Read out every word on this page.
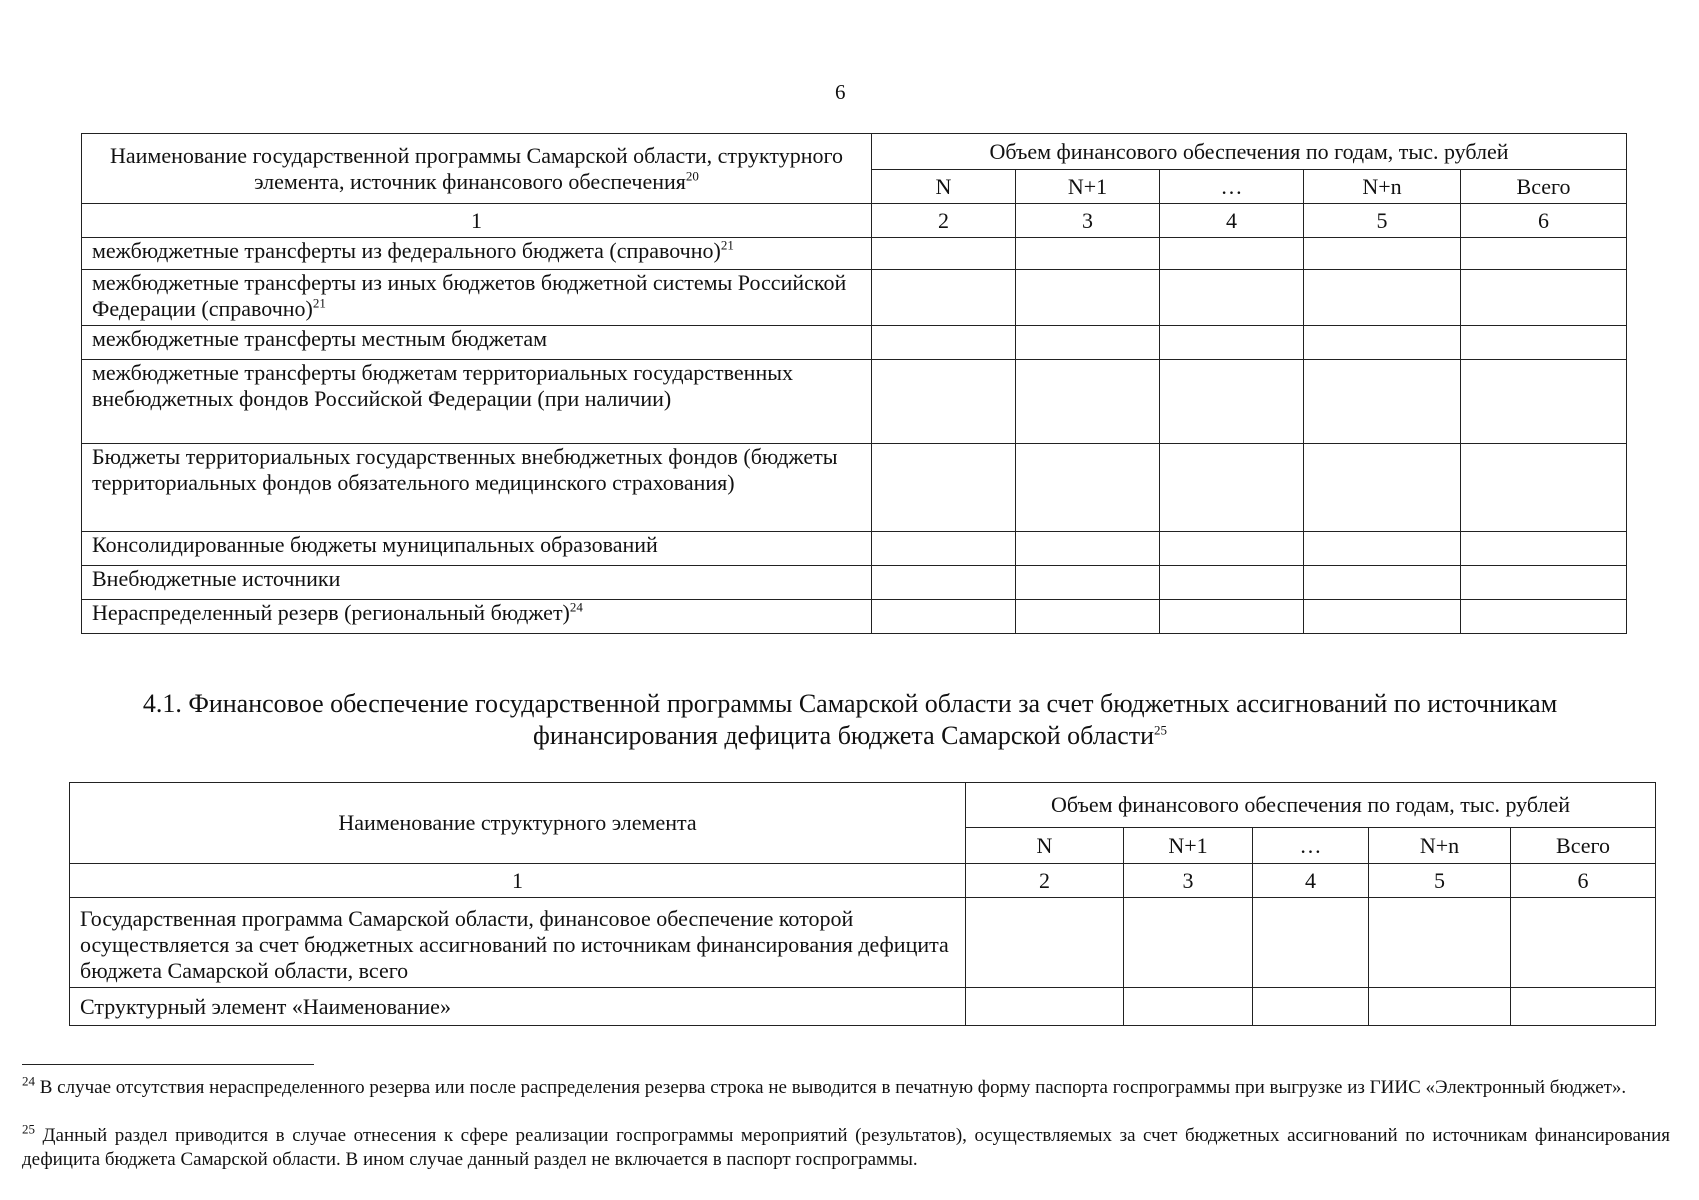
6
Наименование государственной программы Самарской области, структурного элемента, источник финансового обеспечения$^{20}$	Объем финансового обеспечения по годам, тыс. рублей				
	N	N+1	…	N+n	Всего
1	2	3	4	5	6
межбюджетные трансферты из федерального бюджета (справочно)$^{21}$					
межбюджетные трансферты из иных бюджетов бюджетной системы Российской Федерации (справочно)$^{21}$					
межбюджетные трансферты местным бюджетам					
межбюджетные трансферты бюджетам территориальных государственных внебюджетных фондов Российской Федерации (при наличии)					
Бюджеты территориальных государственных внебюджетных фондов (бюджеты территориальных фондов обязательного медицинского страхования)					
Консолидированные бюджеты муниципальных образований					
Внебюджетные источники					
Нераспределенный резерв (региональный бюджет)$^{24}$					
4.1. Финансовое обеспечение государственной программы Самарской области за счет бюджетных ассигнований по источникам финансирования дефицита бюджета Самарской области$^{25}$
Наименование структурного элемента	Объем финансового обеспечения по годам, тыс. рублей				
	N	N+1	…	N+n	Всего
1	2	3	4	5	6
Государственная программа Самарской области, финансовое обеспечение которой осуществляется за счет бюджетных ассигнований по источникам финансирования дефицита бюджета Самарской области, всего					
Структурный элемент «Наименование»					
$^{24}$ В случае отсутствия нераспределенного резерва или после распределения резерва строка не выводится в печатную форму паспорта госпрограммы при выгрузке из ГИИС «Электронный бюджет».
$^{25}$ Данный раздел приводится в случае отнесения к сфере реализации госпрограммы мероприятий (результатов), осуществляемых за счет бюджетных ассигнований по источникам финансирования дефицита бюджета Самарской области. В ином случае данный раздел не включается в паспорт госпрограммы.
